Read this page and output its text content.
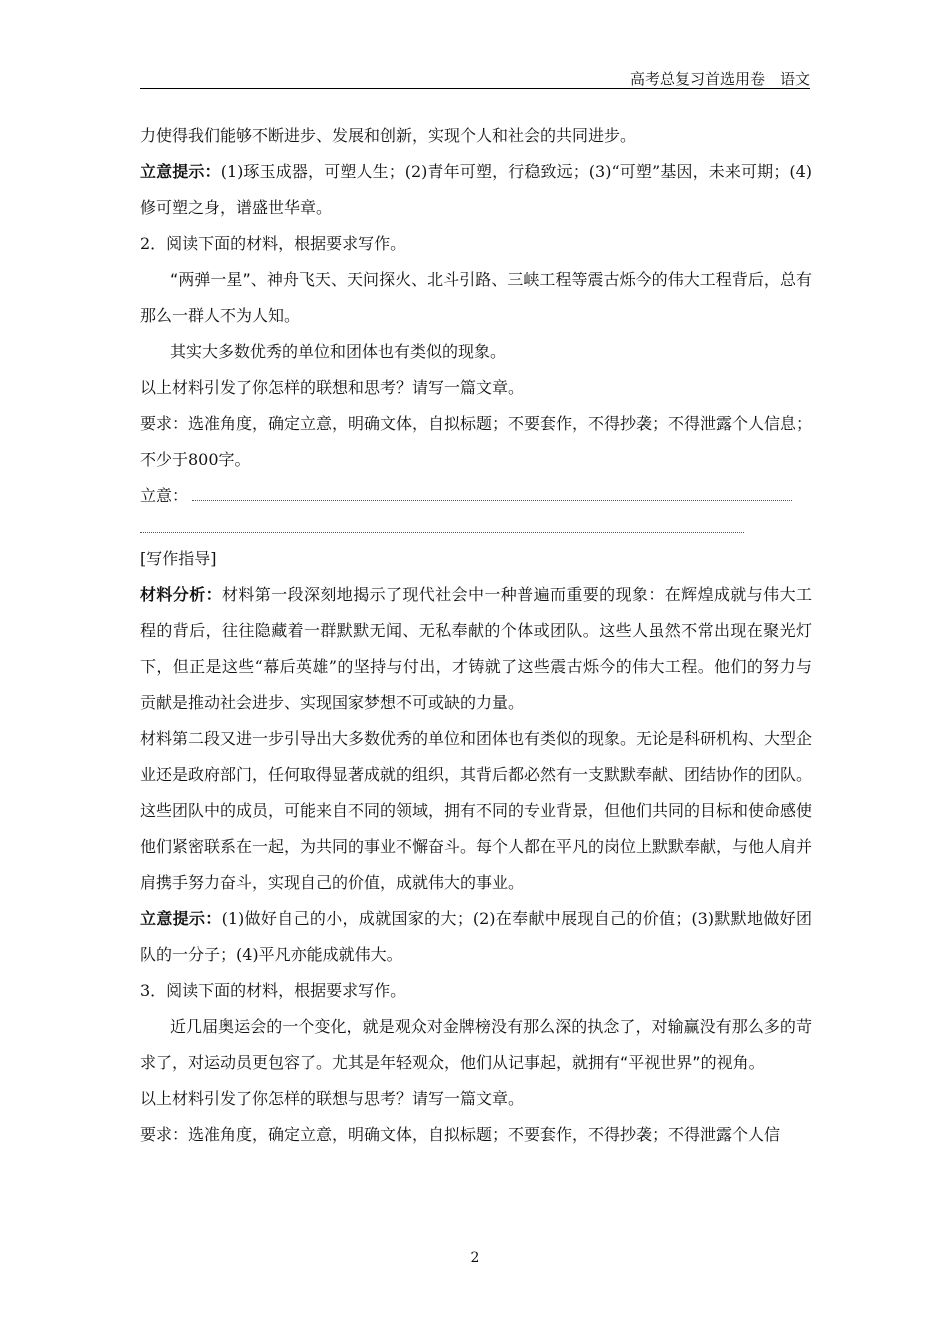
高考总复习首选用卷　语文

力使得我们能够不断进步、发展和创新，实现个人和社会的共同进步。

立意提示：(1)琢玉成器，可塑人生；(2)青年可塑，行稳致远；(3)“可塑”基因，未来可期；(4)修可塑之身，谱盛世华章。

2．阅读下面的材料，根据要求写作。

“两弹一星”、神舟飞天、天问探火、北斗引路、三峡工程等震古烁今的伟大工程背后，总有那么一群人不为人知。

其实大多数优秀的单位和团体也有类似的现象。

以上材料引发了你怎样的联想和思考？请写一篇文章。

要求：选准角度，确定立意，明确文体，自拟标题；不要套作，不得抄袭；不得泄露个人信息；不少于800字。

立意：

[写作指导]

材料分析：材料第一段深刻地揭示了现代社会中一种普遍而重要的现象：在辉煌成就与伟大工程的背后，往往隐藏着一群默默无闻、无私奉献的个体或团队。这些人虽然不常出现在聚光灯下，但正是这些“幕后英雄”的坚持与付出，才铸就了这些震古烁今的伟大工程。他们的努力与贡献是推动社会进步、实现国家梦想不可或缺的力量。

材料第二段又进一步引导出大多数优秀的单位和团体也有类似的现象。无论是科研机构、大型企业还是政府部门，任何取得显著成就的组织，其背后都必然有一支默默奉献、团结协作的团队。这些团队中的成员，可能来自不同的领域，拥有不同的专业背景，但他们共同的目标和使命感使他们紧密联系在一起，为共同的事业不懈奋斗。每个人都在平凡的岗位上默默奉献，与他人肩并肩携手努力奋斗，实现自己的价值，成就伟大的事业。

立意提示：(1)做好自己的小，成就国家的大；(2)在奉献中展现自己的价值；(3)默默地做好团队的一分子；(4)平凡亦能成就伟大。

3．阅读下面的材料，根据要求写作。

近几届奥运会的一个变化，就是观众对金牌榜没有那么深的执念了，对输赢没有那么多的苛求了，对运动员更包容了。尤其是年轻观众，他们从记事起，就拥有“平视世界”的视角。

以上材料引发了你怎样的联想与思考？请写一篇文章。

要求：选准角度，确定立意，明确文体，自拟标题；不要套作，不得抄袭；不得泄露个人信

2
